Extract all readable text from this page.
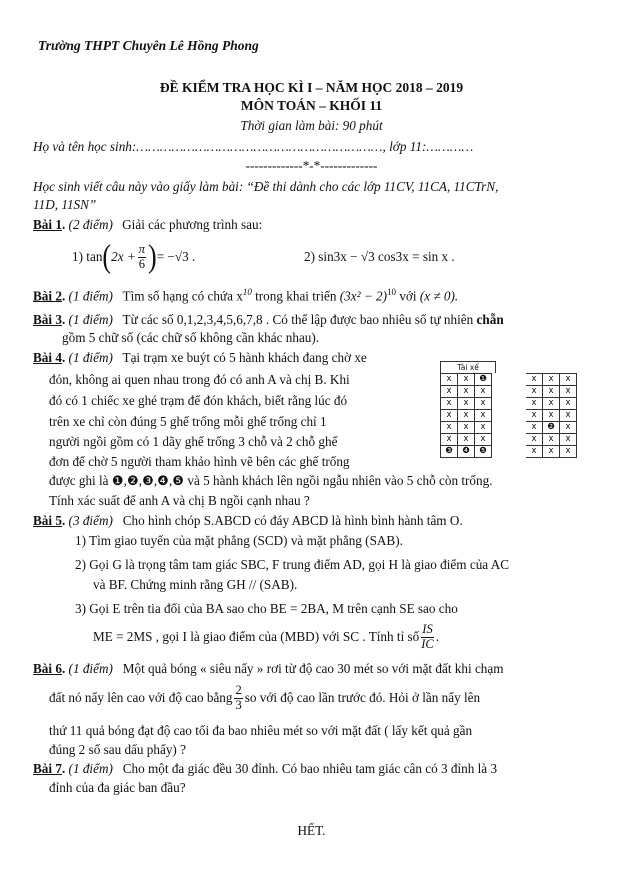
Trường THPT Chuyên Lê Hồng Phong
ĐỀ KIỂM TRA HỌC KÌ I – NĂM HỌC 2018 – 2019
MÔN TOÁN – KHỐI 11
Thời gian làm bài: 90 phút
Họ và tên học sinh:………………………………………………………, lớp 11:…………
-------------*-*-------------
Học sinh viết câu này vào giấy làm bài: “Đề thi dành cho các lớp 11CV, 11CA, 11CTrN,
11D, 11SN”
Bài 1. (2 điểm) Giải các phương trình sau:
1)
tan ( $2x + \frac{\pi}{6}$ ) = −√3 .	2) sin3x − √3 cos3x = sin x .
Bài 2. (1 điểm) Tìm số hạng có chứa $x^{10}$ trong khai triển $(3x^2 - 2)^{10}$ với (x ≠ 0).
Bài 3. (1 điểm) Từ các số 0,1,2,3,4,5,6,7,8 . Có thể lập được bao nhiêu số tự nhiên chẵn
gồm 5 chữ số (các chữ số không cần khác nhau).
Bài 4. (1 điểm) Tại trạm xe buýt có 5 hành khách đang chờ xe
đón, không ai quen nhau trong đó có anh A và chị B. Khi
đó có 1 chiếc xe ghé trạm để đón khách, biết rằng lúc đó
trên xe chỉ còn đúng 5 ghế trống mỗi ghế trống chỉ 1
người ngồi gồm có 1 dãy ghế trống 3 chỗ và 2 chỗ ghế
đơn để chờ 5 người tham khảo hình vẽ bên các ghế trống
được ghi là ❶,❷,❸,❹,❺ và 5 hành khách lên ngồi ngẫu nhiên vào 5 chỗ còn trống.
Tính xác suất để anh A và chị B ngồi cạnh nhau ?
Tài xế
x	x	❶			x	x	x
x	x	x			x	x	x
x	x	x			x	x	x
x	x	x			x	x	x
x	x	x			x	❷	x
x	x	x			x	x	x
❸	❹	❺			x	x	x
Bài 5. (3 điểm) Cho hình chóp S.ABCD có đáy ABCD là hình bình hành tâm O.
1) Tìm giao tuyến của mặt phẳng (SCD) và mặt phẳng (SAB).
2) Gọi G là trọng tâm tam giác SBC, F trung điểm AD, gọi H là giao điểm của AC
và BF. Chứng minh rằng GH // (SAB).
3) Gọi E trên tia đối của BA sao cho BE = 2BA, M trên cạnh SE sao cho
ME = 2MS , gọi I là giao điểm của (MBD) với SC . Tính tỉ số $\frac{IS}{IC}$ .
Bài 6. (1 điểm) Một quả bóng « siêu nẩy » rơi từ độ cao 30 mét so với mặt đất khi chạm
đất nó nẩy lên cao với độ cao bằng $\frac{2}{3}$ so với độ cao lần trước đó. Hỏi ở lần nẩy lên
thứ 11 quả bóng đạt độ cao tối đa bao nhiêu mét so với mặt đất ( lấy kết quả gần
đúng 2 số sau dấu phẩy) ?
Bài 7. (1 điểm) Cho một đa giác đều 30 đỉnh. Có bao nhiêu tam giác cân có 3 đỉnh là 3
đỉnh của đa giác ban đầu?
HẾT.
